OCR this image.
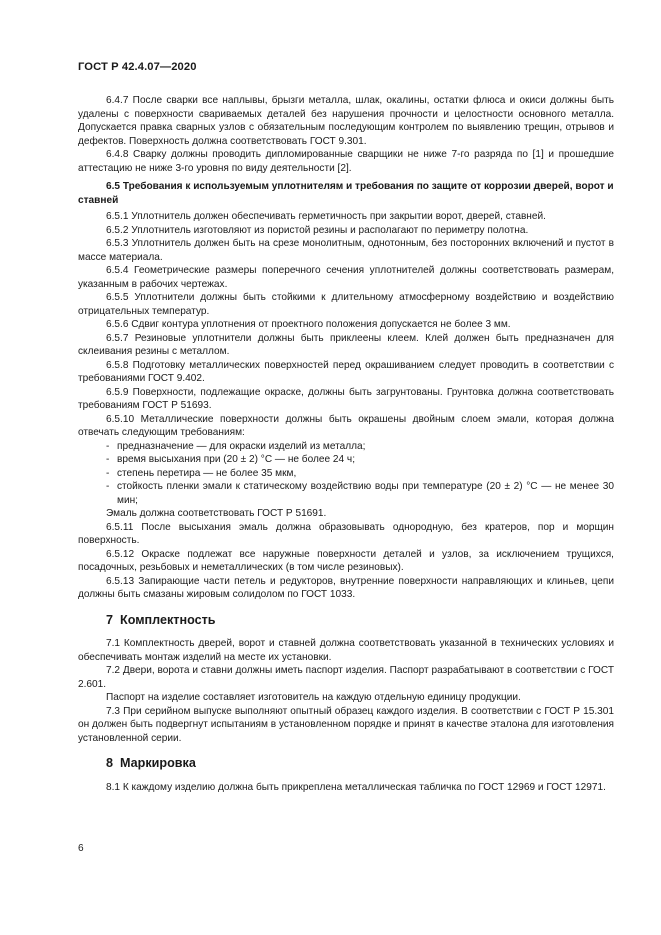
ГОСТ Р 42.4.07—2020

6.4.7 После сварки все наплывы, брызги металла, шлак, окалины, остатки флюса и окиси должны быть удалены с поверхности свариваемых деталей без нарушения прочности и целостности основного металла. Допускается правка сварных узлов с обязательным последующим контролем по выявлению трещин, отрывов и дефектов. Поверхность должна соответствовать ГОСТ 9.301.

6.4.8 Сварку должны проводить дипломированные сварщики не ниже 7-го разряда по [1] и прошедшие аттестацию не ниже 3-го уровня по виду деятельности [2].

6.5 Требования к используемым уплотнителям и требования по защите от коррозии дверей, ворот и ставней

6.5.1 Уплотнитель должен обеспечивать герметичность при закрытии ворот, дверей, ставней.

6.5.2 Уплотнитель изготовляют из пористой резины и располагают по периметру полотна.

6.5.3 Уплотнитель должен быть на срезе монолитным, однотонным, без посторонних включений и пустот в массе материала.

6.5.4 Геометрические размеры поперечного сечения уплотнителей должны соответствовать размерам, указанным в рабочих чертежах.

6.5.5 Уплотнители должны быть стойкими к длительному атмосферному воздействию и воздействию отрицательных температур.

6.5.6 Сдвиг контура уплотнения от проектного положения допускается не более 3 мм.

6.5.7 Резиновые уплотнители должны быть приклеены клеем. Клей должен быть предназначен для склеивания резины с металлом.

6.5.8 Подготовку металлических поверхностей перед окрашиванием следует проводить в соответствии с требованиями ГОСТ 9.402.

6.5.9 Поверхности, подлежащие окраске, должны быть загрунтованы. Грунтовка должна соответствовать требованиям ГОСТ Р 51693.

6.5.10 Металлические поверхности должны быть окрашены двойным слоем эмали, которая должна отвечать следующим требованиям:

- предназначение — для окраски изделий из металла;

- время высыхания при (20 ± 2) °С — не более 24 ч;

- степень перетира — не более 35 мкм,

- стойкость пленки эмали к статическому воздействию воды при температуре (20 ± 2) °С — не менее 30 мин;

Эмаль должна соответствовать ГОСТ Р 51691.

6.5.11 После высыхания эмаль должна образовывать однородную, без кратеров, пор и морщин поверхность.

6.5.12 Окраске подлежат все наружные поверхности деталей и узлов, за исключением трущихся, посадочных, резьбовых и неметаллических (в том числе резиновых).

6.5.13 Запирающие части петель и редукторов, внутренние поверхности направляющих и клиньев, цепи должны быть смазаны жировым солидолом по ГОСТ 1033.

7 Комплектность

7.1 Комплектность дверей, ворот и ставней должна соответствовать указанной в технических условиях и обеспечивать монтаж изделий на месте их установки.

7.2 Двери, ворота и ставни должны иметь паспорт изделия. Паспорт разрабатывают в соответствии с ГОСТ 2.601.

Паспорт на изделие составляет изготовитель на каждую отдельную единицу продукции.

7.3 При серийном выпуске выполняют опытный образец каждого изделия. В соответствии с ГОСТ Р 15.301 он должен быть подвергнут испытаниям в установленном порядке и принят в качестве эталона для изготовления установленной серии.

8 Маркировка

8.1 К каждому изделию должна быть прикреплена металлическая табличка по ГОСТ 12969 и ГОСТ 12971.

6
